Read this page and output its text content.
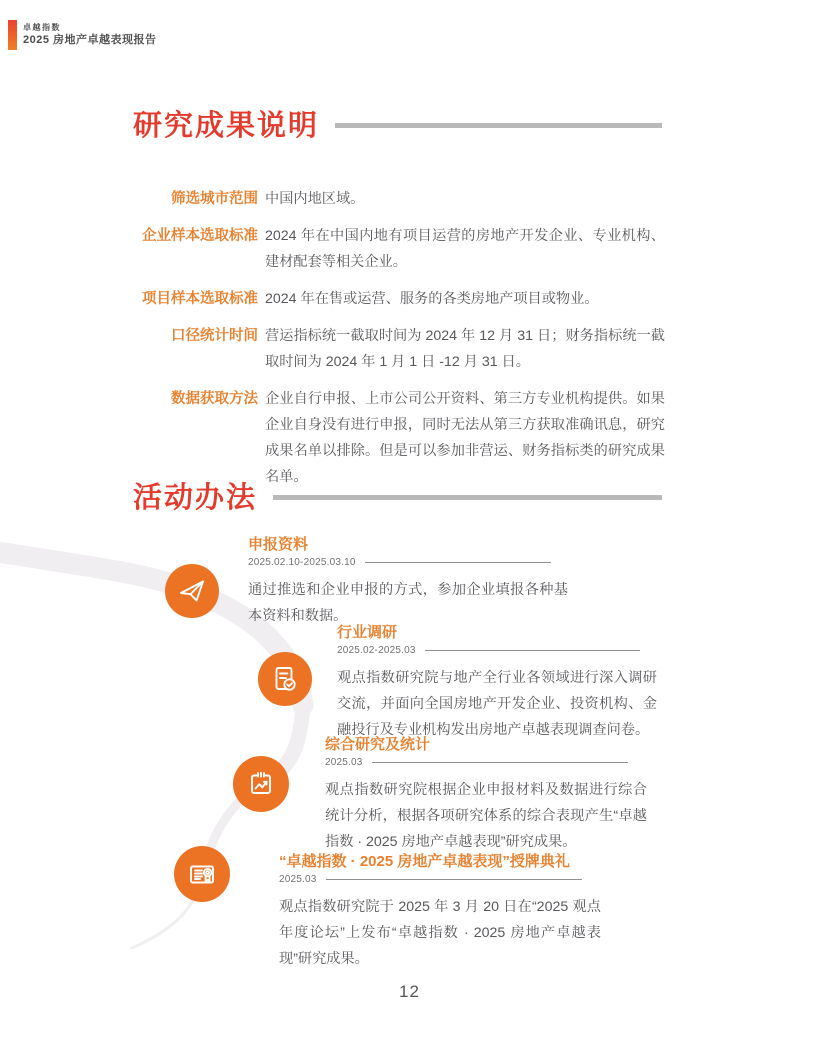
卓越指数
2025 房地产卓越表现报告
研究成果说明
筛选城市范围 中国内地区域。
企业样本选取标准 2024 年在中国内地有项目运营的房地产开发企业、专业机构、建材配套等相关企业。
项目样本选取标准 2024 年在售或运营、服务的各类房地产项目或物业。
口径统计时间 营运指标统一截取时间为 2024 年 12 月 31 日；财务指标统一截取时间为 2024 年 1 月 1 日 -12 月 31 日。
数据获取方法 企业自行申报、上市公司公开资料、第三方专业机构提供。如果企业自身没有进行申报，同时无法从第三方获取准确讯息，研究成果名单以排除。但是可以参加非营运、财务指标类的研究成果名单。
活动办法
申报资料
2025.02.10-2025.03.10
通过推选和企业申报的方式，参加企业填报各种基本资料和数据。
行业调研
2025.02-2025.03
观点指数研究院与地产全行业各领域进行深入调研交流，并面向全国房地产开发企业、投资机构、金融投行及专业机构发出房地产卓越表现调查问卷。
综合研究及统计
2025.03
观点指数研究院根据企业申报材料及数据进行综合统计分析，根据各项研究体系的综合表现产生“卓越指数 · 2025 房地产卓越表现”研究成果。
“卓越指数 · 2025 房地产卓越表现”授牌典礼
2025.03
观点指数研究院于 2025 年 3 月 20 日在“2025 观点年度论坛”上发布“卓越指数 · 2025 房地产卓越表现”研究成果。
12
